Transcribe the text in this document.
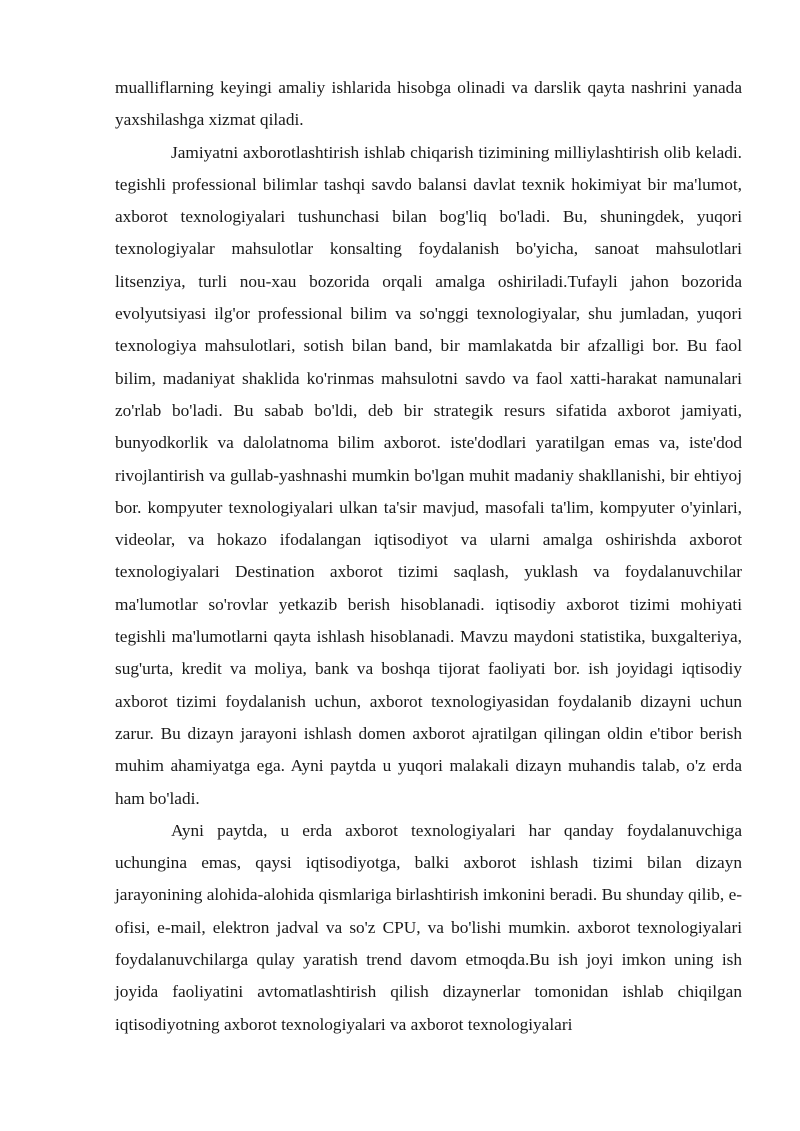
mualliflarning keyingi amaliy ishlarida hisobga olinadi va darslik qayta nashrini yanada yaxshilashga xizmat qiladi.

Jamiyatni axborotlashtirish ishlab chiqarish tizimining milliylashtirish olib keladi. tegishli professional bilimlar tashqi savdo balansi davlat texnik hokimiyat bir ma'lumot, axborot texnologiyalari tushunchasi bilan bog'liq bo'ladi. Bu, shuningdek, yuqori texnologiyalar mahsulotlar konsalting foydalanish bo'yicha, sanoat mahsulotlari litsenziya, turli nou-xau bozorida orqali amalga oshiriladi.Tufayli jahon bozorida evolyutsiyasi ilg'or professional bilim va so'nggi texnologiyalar, shu jumladan, yuqori texnologiya mahsulotlari, sotish bilan band, bir mamlakatda bir afzalligi bor. Bu faol bilim, madaniyat shaklida ko'rinmas mahsulotni savdo va faol xatti-harakat namunalari zo'rlab bo'ladi. Bu sabab bo'ldi, deb bir strategik resurs sifatida axborot jamiyati, bunyodkorlik va dalolatnoma bilim axborot. iste'dodlari yaratilgan emas va, iste'dod rivojlantirish va gullab-yashnashi mumkin bo'lgan muhit madaniy shakllanishi, bir ehtiyoj bor. kompyuter texnologiyalari ulkan ta'sir mavjud, masofali ta'lim, kompyuter o'yinlari, videolar, va hokazo ifodalangan iqtisodiyot va ularni amalga oshirishda axborot texnologiyalari Destination axborot tizimi saqlash, yuklash va foydalanuvchilar ma'lumotlar so'rovlar yetkazib berish hisoblanadi. iqtisodiy axborot tizimi mohiyati tegishli ma'lumotlarni qayta ishlash hisoblanadi. Mavzu maydoni statistika, buxgalteriya, sug'urta, kredit va moliya, bank va boshqa tijorat faoliyati bor. ish joyidagi iqtisodiy axborot tizimi foydalanish uchun, axborot texnologiyasidan foydalanib dizayni uchun zarur. Bu dizayn jarayoni ishlash domen axborot ajratilgan qilingan oldin e'tibor berish muhim ahamiyatga ega. Ayni paytda u yuqori malakali dizayn muhandis talab, o'z erda ham bo'ladi.

Ayni paytda, u erda axborot texnologiyalari har qanday foydalanuvchiga uchungina emas, qaysi iqtisodiyotga, balki axborot ishlash tizimi bilan dizayn jarayonining alohida-alohida qismlariga birlashtirish imkonini beradi. Bu shunday qilib, e-ofisi, e-mail, elektron jadval va so'z CPU, va bo'lishi mumkin. axborot texnologiyalari foydalanuvchilarga qulay yaratish trend davom etmoqda.Bu ish joyi imkon uning ish joyida faoliyatini avtomatlashtirish qilish dizaynerlar tomonidan ishlab chiqilgan iqtisodiyotning axborot texnologiyalari va axborot texnologiyalari
